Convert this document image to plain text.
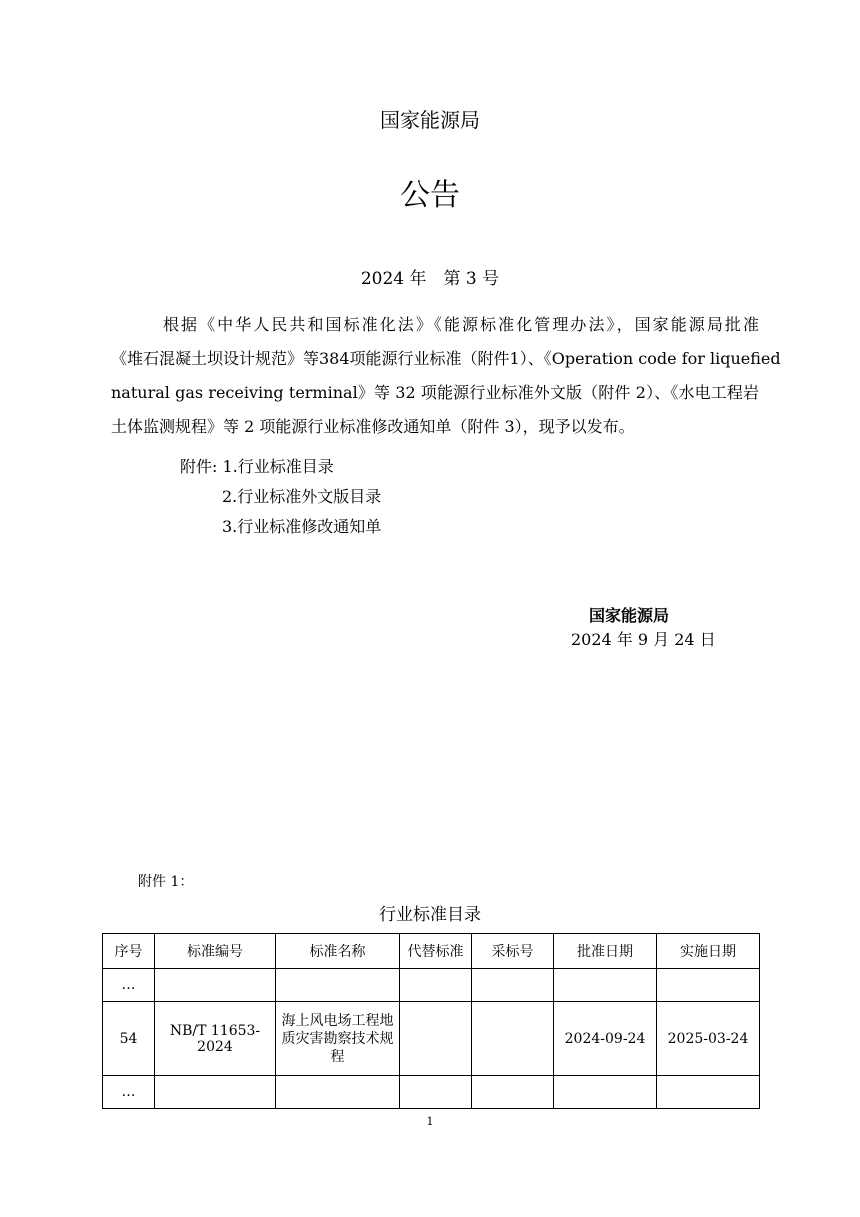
国家能源局
公告
2024 年　第 3 号
根据《中华人民共和国标准化法》《能源标准化管理办法》，国家能源局批准
《堆石混凝土坝设计规范》等384项能源行业标准（附件1）、《Operation code for liquefied
natural gas receiving terminal》等 32 项能源行业标准外文版（附件 2）、《水电工程岩
土体监测规程》等 2 项能源行业标准修改通知单（附件 3），现予以发布。
附件: 1.行业标准目录
2.行业标准外文版目录
3.行业标准修改通知单
国家能源局
2024 年 9 月 24 日
附件 1：
行业标准目录
序号	标准编号	标准名称	代替标准	采标号	批准日期	实施日期
…						
54	NB/T 11653-2024	海上风电场工程地质灾害勘察技术规程			2024-09-24	2025-03-24
…						
1
